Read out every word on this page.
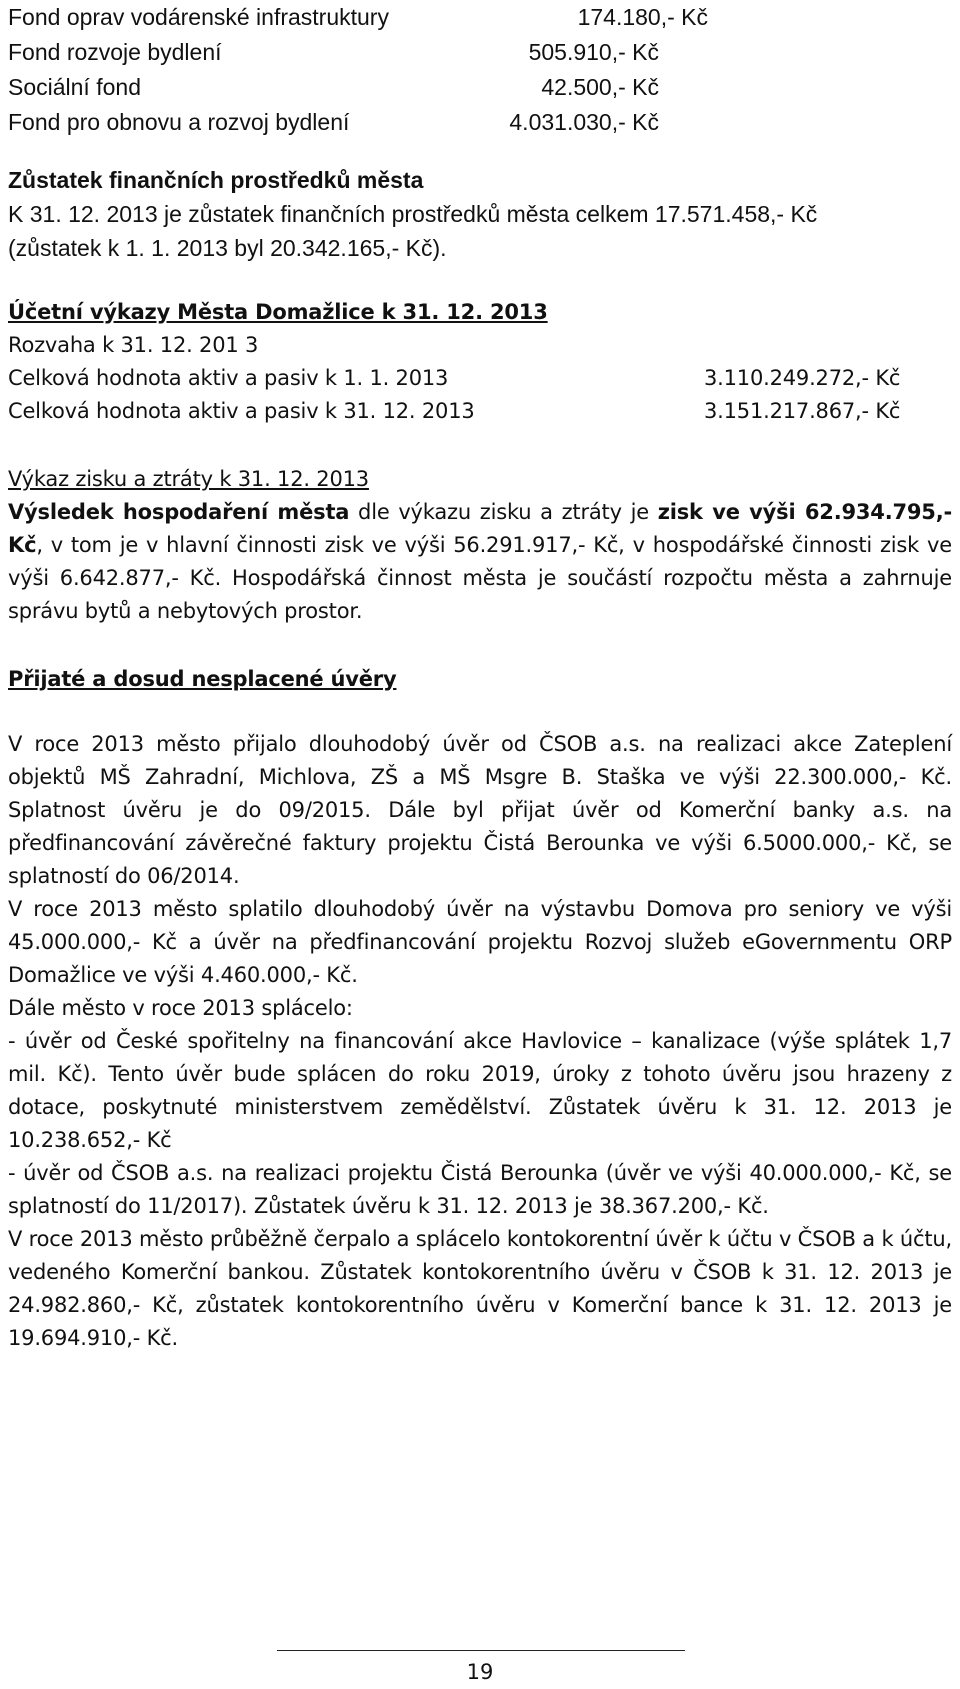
Fond oprav vodárenské infrastruktury	174.180,- Kč
Fond rozvoje bydlení	505.910,- Kč
Sociální fond	42.500,- Kč
Fond pro obnovu a rozvoj bydlení	4.031.030,- Kč
Zůstatek finančních prostředků města
K 31. 12. 2013 je zůstatek finančních prostředků města celkem 17.571.458,- Kč (zůstatek k 1. 1. 2013 byl 20.342.165,- Kč).
Účetní výkazy Města Domažlice k 31. 12. 2013
Rozvaha k 31. 12. 201 3
Celková hodnota aktiv a pasiv k 1. 1. 2013	3.110.249.272,- Kč
Celková hodnota aktiv a pasiv k 31. 12. 2013	3.151.217.867,- Kč
Výkaz zisku a ztráty k 31. 12. 2013
Výsledek hospodaření města dle výkazu zisku a ztráty je zisk ve výši 62.934.795,- Kč, v tom je v hlavní činnosti zisk ve výši 56.291.917,- Kč, v hospodářské činnosti zisk ve výši 6.642.877,- Kč. Hospodářská činnost města je součástí rozpočtu města a zahrnuje správu bytů a nebytových prostor.
Přijaté a dosud nesplacené úvěry
V roce 2013 město přijalo dlouhodobý úvěr od ČSOB a.s. na realizaci akce Zateplení objektů MŠ Zahradní, Michlova, ZŠ a MŠ Msgre B. Staška ve výši 22.300.000,- Kč. Splatnost úvěru je do 09/2015. Dále byl přijat úvěr od Komerční banky a.s. na předfinancování závěrečné faktury projektu Čistá Berounka ve výši 6.5000.000,- Kč, se splatností do 06/2014.
V roce 2013 město splatilo dlouhodobý úvěr na výstavbu Domova pro seniory ve výši 45.000.000,- Kč a úvěr na předfinancování projektu Rozvoj služeb eGovernmentu ORP Domažlice ve výši 4.460.000,- Kč.
Dále město v roce 2013 splácelo:
- úvěr od České spořitelny na financování akce Havlovice – kanalizace (výše splátek 1,7 mil. Kč). Tento úvěr bude splácen do roku 2019, úroky z tohoto úvěru jsou hrazeny z dotace, poskytnuté ministerstvem zemědělství. Zůstatek úvěru k 31. 12. 2013 je 10.238.652,- Kč
- úvěr od ČSOB a.s. na realizaci projektu Čistá Berounka (úvěr ve výši 40.000.000,- Kč, se splatností do 11/2017). Zůstatek úvěru k 31. 12. 2013 je 38.367.200,- Kč.
V roce 2013 město průběžně čerpalo a splácelo kontokorentní úvěr k účtu v ČSOB a k účtu, vedeného Komerční bankou. Zůstatek kontokorentního úvěru v ČSOB k 31. 12. 2013 je 24.982.860,- Kč, zůstatek kontokorentního úvěru v Komerční bance k 31. 12. 2013 je 19.694.910,- Kč.
19
